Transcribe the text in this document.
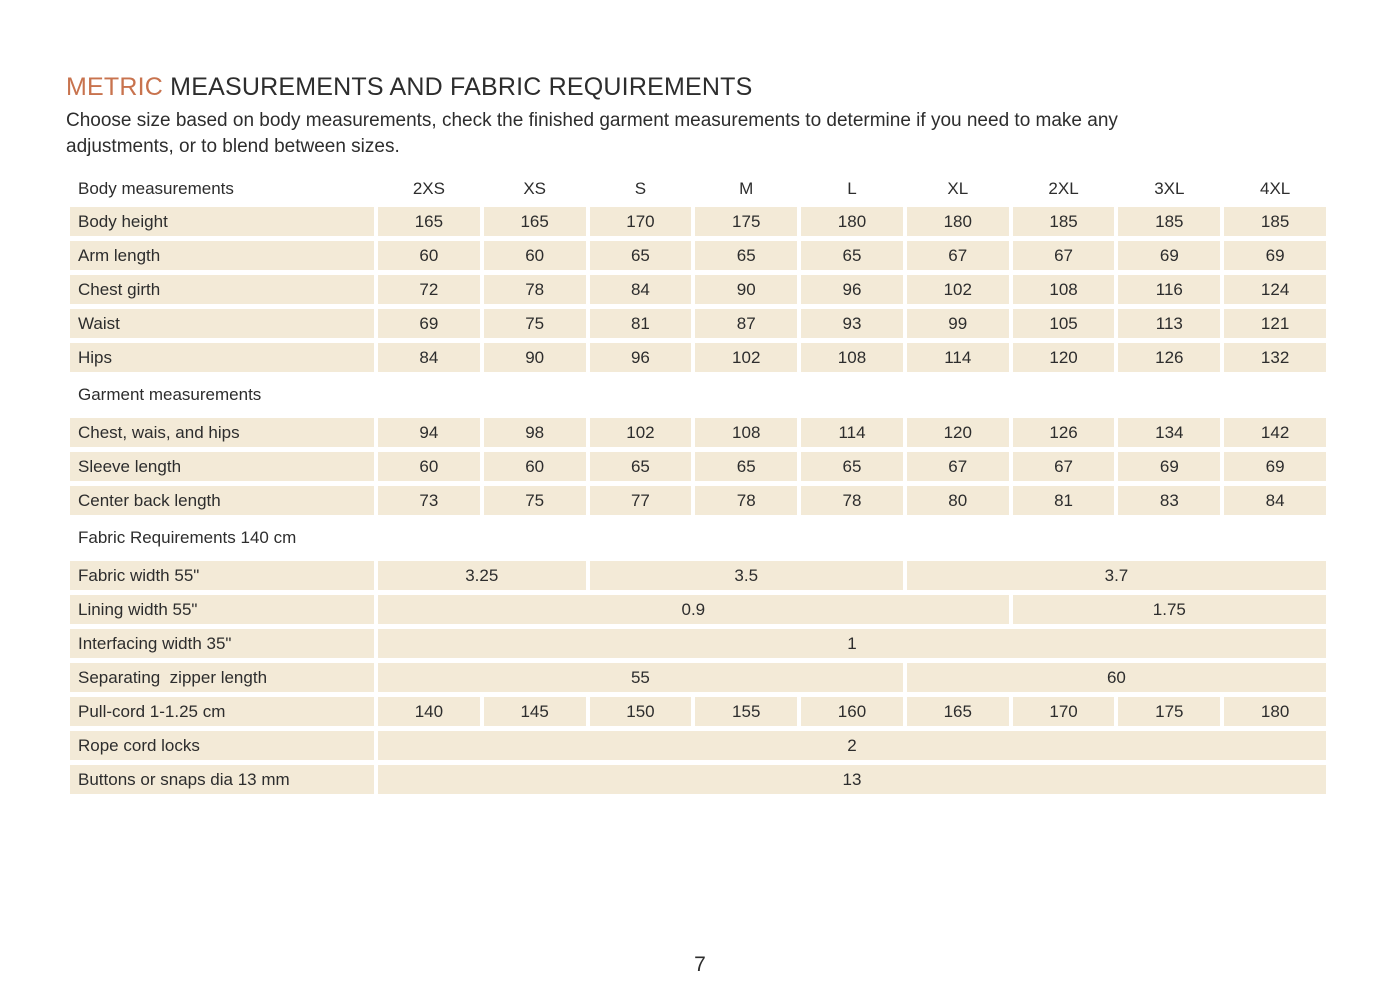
METRIC MEASUREMENTS AND FABRIC REQUIREMENTS

Choose size based on body measurements, check the finished garment measurements to determine if you need to make any
adjustments, or to blend between sizes.

Body measurements	2XS	XS	S	M	L	XL	2XL	3XL	4XL
Body height	165	165	170	175	180	180	185	185	185
Arm length	60	60	65	65	65	67	67	69	69
Chest girth	72	78	84	90	96	102	108	116	124
Waist	69	75	81	87	93	99	105	113	121
Hips	84	90	96	102	108	114	120	126	132
Garment measurements
Chest, wais, and hips	94	98	102	108	114	120	126	134	142
Sleeve length	60	60	65	65	65	67	67	69	69
Center back length	73	75	77	78	78	80	81	83	84
Fabric Requirements 140 cm
Fabric width 55"	3.25	3.5	3.7
Lining width 55"	0.9	1.75
Interfacing width 35"	1
Separating  zipper length	55	60
Pull-cord 1-1.25 cm	140	145	150	155	160	165	170	175	180
Rope cord locks	2
Buttons or snaps dia 13 mm	13
7
